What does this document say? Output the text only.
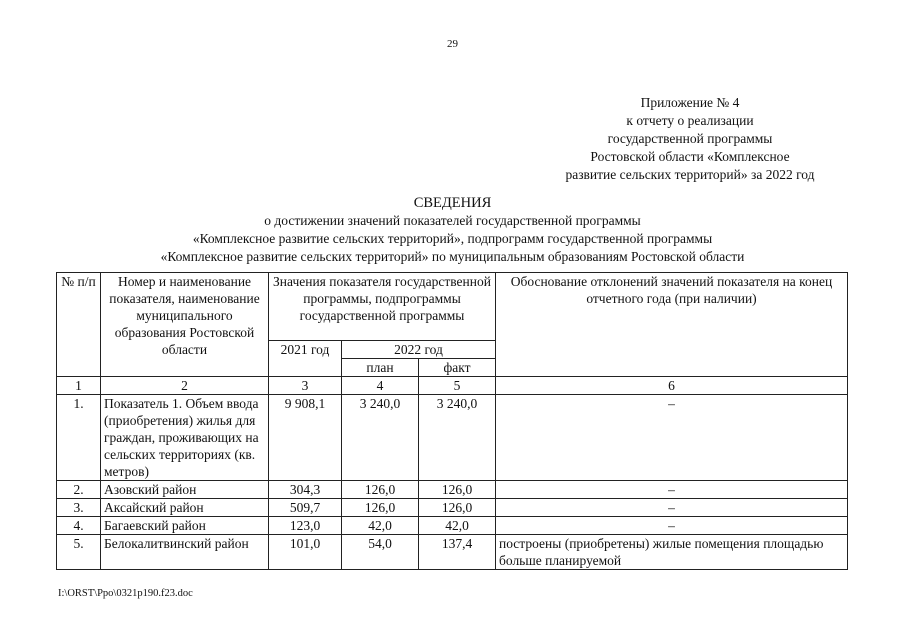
29
Приложение № 4
к отчету о реализации
государственной программы
Ростовской области «Комплексное
развитие сельских территорий» за 2022 год
СВЕДЕНИЯ
о достижении значений показателей государственной программы
«Комплексное развитие сельских территорий», подпрограмм государственной программы
«Комплексное развитие сельских территорий» по муниципальным образованиям Ростовской области
№ п/п	Номер и наименование показателя, наименование муниципального образования Ростовской области	Значения показателя государственной программы, подпрограммы государственной программы			Обоснование отклонений значений показателя на конец отчетного года (при наличии)
		2021 год	2022 год		
			план	факт	
1	2	3	4	5	6
1.	Показатель 1. Объем ввода (приобретения) жилья для граждан, проживающих на сельских территориях (кв. метров)	9 908,1	3 240,0	3 240,0	–
2.	Азовский район	304,3	126,0	126,0	–
3.	Аксайский район	509,7	126,0	126,0	–
4.	Багаевский район	123,0	42,0	42,0	–
5.	Белокалитвинский район	101,0	54,0	137,4	построены (приобретены) жилые помещения площадью больше планируемой
I:\ORST\Ppo\0321p190.f23.doc
